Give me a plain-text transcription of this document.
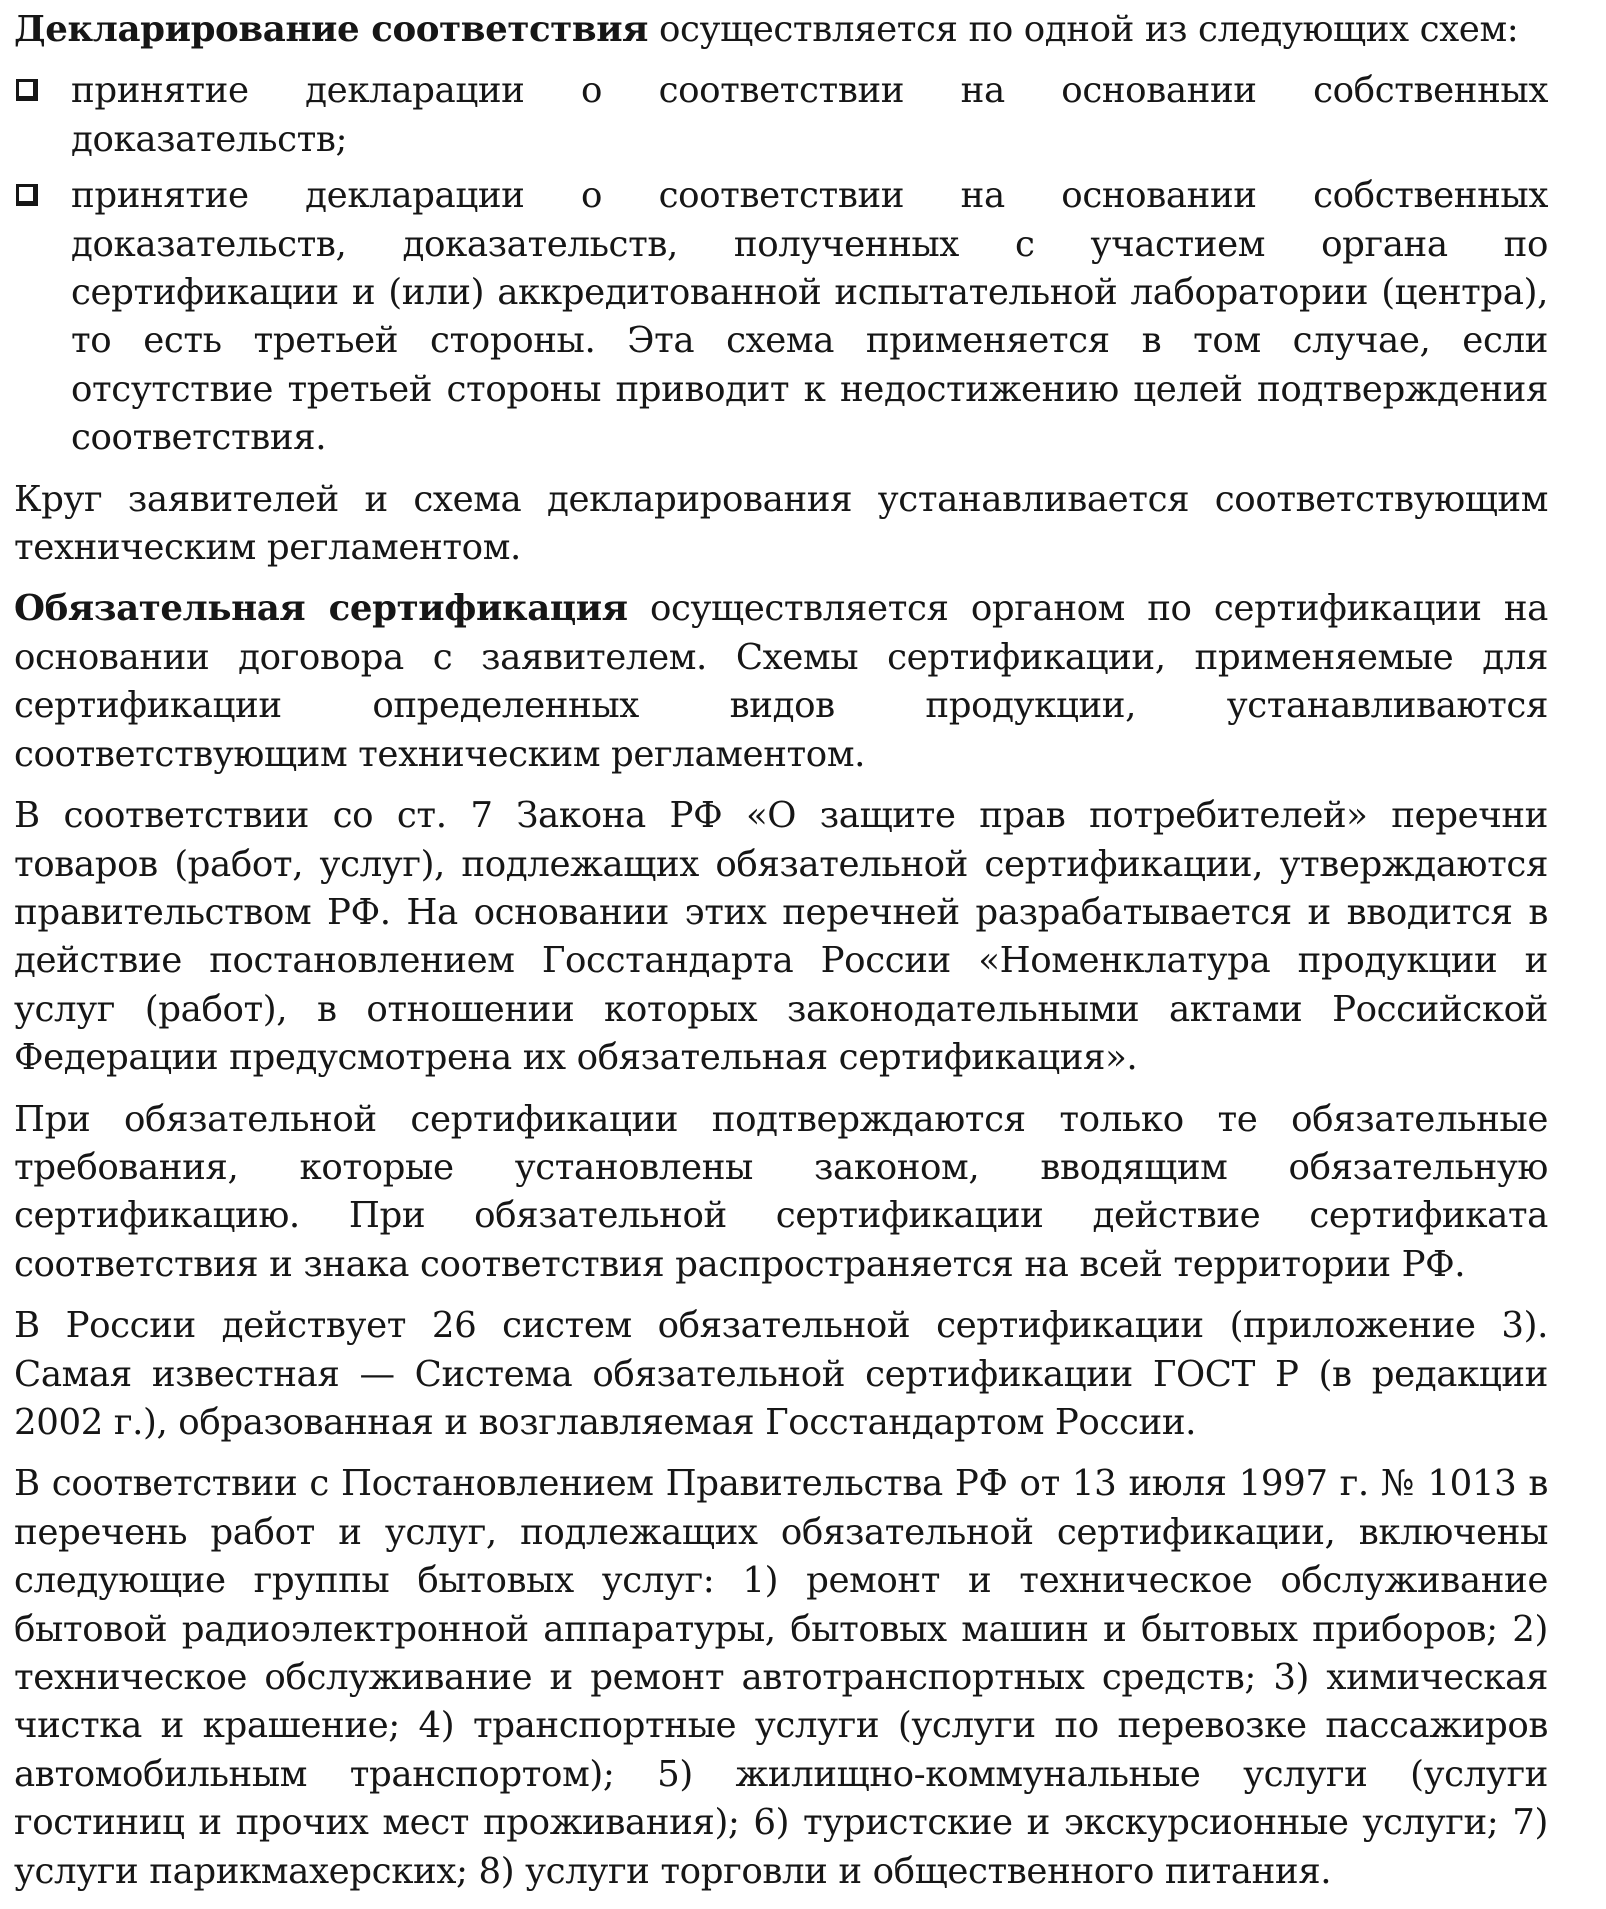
Декларирование соответствия осуществляется по одной из следующих схем:

принятие декларации о соответствии на основании собственных доказательств;
принятие декларации о соответствии на основании собственных доказательств, доказательств, полученных с участием органа по сертификации и (или) аккредитованной испытательной лаборатории (центра), то есть третьей стороны. Эта схема применяется в том случае, если отсутствие третьей стороны приводит к недостижению целей подтверждения соответствия.

Круг заявителей и схема декларирования устанавливается соответствующим техническим регламентом.

Обязательная сертификация осуществляется органом по сертификации на основании договора с заявителем. Схемы сертификации, применяемые для сертификации определенных видов продукции, устанавливаются соответствующим техническим регламентом.

В соответствии со ст. 7 Закона РФ «О защите прав потребителей» перечни товаров (работ, услуг), подлежащих обязательной сертификации, утверждаются правительством РФ. На основании этих перечней разрабатывается и вводится в действие постановлением Госстандарта России «Номенклатура продукции и услуг (работ), в отношении которых законодательными актами Российской Федерации предусмотрена их обязательная сертификация».

При обязательной сертификации подтверждаются только те обязательные требования, которые установлены законом, вводящим обязательную сертификацию. При обязательной сертификации действие сертификата соответствия и знака соответствия распространяется на всей территории РФ.

В России действует 26 систем обязательной сертификации (приложение 3). Самая известная — Система обязательной сертификации ГОСТ Р (в редакции 2002 г.), образованная и возглавляемая Госстандартом России.

В соответствии с Постановлением Правительства РФ от 13 июля 1997 г. № 1013 в перечень работ и услуг, подлежащих обязательной сертификации, включены следующие группы бытовых услуг: 1) ремонт и техническое обслуживание бытовой радиоэлектронной аппаратуры, бытовых машин и бытовых приборов; 2) техническое обслуживание и ремонт автотранспортных средств; 3) химическая чистка и крашение; 4) транспортные услуги (услуги по перевозке пассажиров автомобильным транспортом); 5) жилищно-коммунальные услуги (услуги гостиниц и прочих мест проживания); 6) туристские и экскурсионные услуги; 7) услуги парикмахерских; 8) услуги торговли и общественного питания.
